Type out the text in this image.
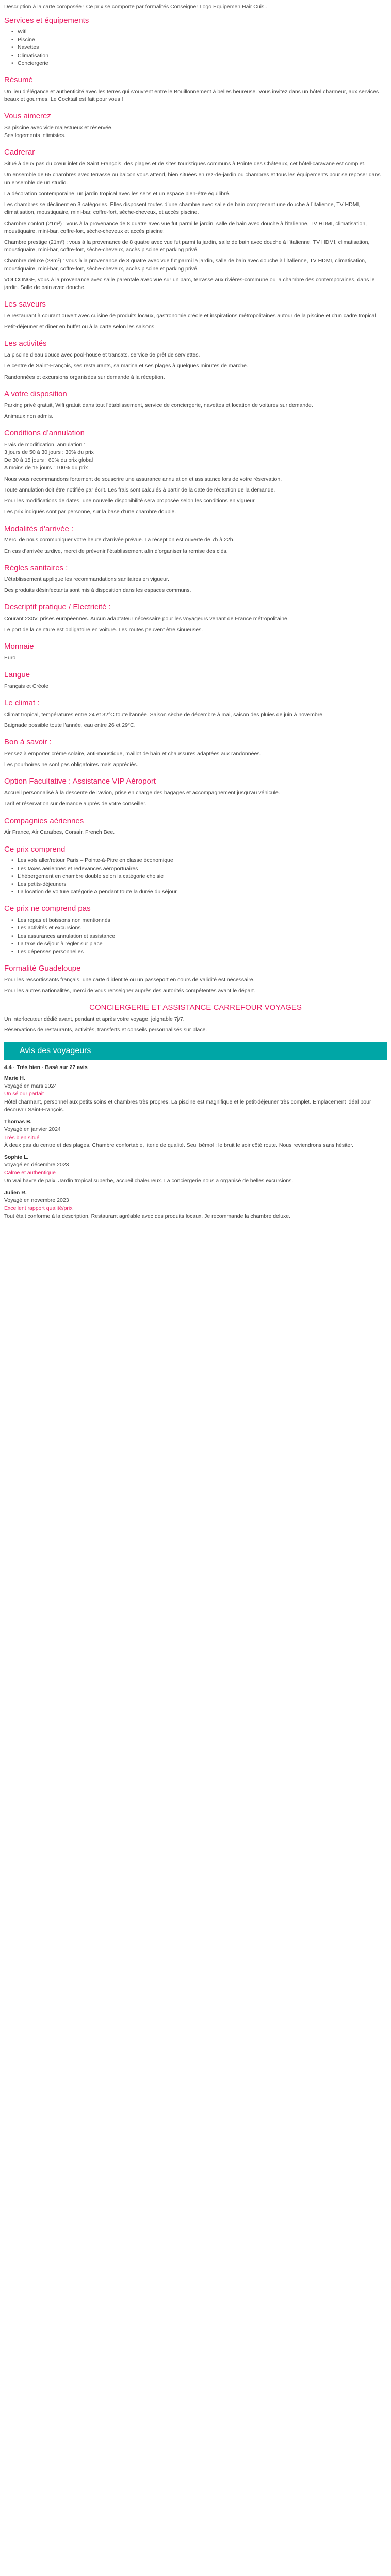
Description à la carte composée ! Ce prix se comporte par formalités Conseigner Logo Equipemen Hair Cuis..

Services et équipements
• Wifi
• Piscine
• Navettes
• Climatisation
• Conciergerie
Résumé

Un lieu d’élégance et authenticité avec les terres qui s’ouvrent entre le Bouillonnement à belles heureuse. Vous invitez dans un hôtel charmeur, aux services beaux et gourmes. Le Cocktail est fait pour vous !

Vous aimerez

Sa piscine avec vide majestueux et réservée.

Ses logements intimistes.

Cadrerar

Situé à deux pas du cœur inlet de Saint François, des plages et de sites touristiques communs à Pointe des Châteaux, cet hôtel-caravane est complet.

Un ensemble de 65 chambres avec terrasse ou balcon vous attend, bien situées en rez-de-jardin ou chambres et tous les équipements pour se reposer dans un ensemble de un studio.

La décoration contemporaine, un jardin tropical avec les sens et un espace bien-être équilibré.

Les chambres se déclinent en 3 catégories. Elles disposent toutes d’une chambre avec salle de bain comprenant une douche à l’italienne, TV HDMI, climatisation, moustiquaire, mini-bar, coffre-fort, sèche-cheveux, et accès piscine.

Chambre confort (21m²) : vous à la provenance de 8 quatre avec vue fut parmi le jardin, salle de bain avec douche à l’italienne, TV HDMI, climatisation, moustiquaire, mini-bar, coffre-fort, sèche-cheveux et accès piscine.

Chambre prestige (21m²) : vous à la provenance de 8 quatre avec vue fut parmi la jardin, salle de bain avec douche à l’italienne, TV HDMI, climatisation, moustiquaire, mini-bar, coffre-fort, sèche-cheveux, accès piscine et parking privé.

Chambre deluxe (28m²) : vous à la provenance de 8 quatre avec vue fut parmi la jardin, salle de bain avec douche à l’italienne, TV HDMI, climatisation, moustiquaire, mini-bar, coffre-fort, sèche-cheveux, accès piscine et parking privé.

VOLCONGE, vous à la provenance avec salle parentale avec vue sur un parc, terrasse aux rivières-commune ou la chambre des contemporaines, dans le jardin. Salle de bain avec douche.

Les saveurs

Le restaurant à courant ouvert avec cuisine de produits locaux, gastronomie créole et inspirations métropolitaines autour de la piscine et d’un cadre tropical.

Petit-déjeuner et dîner en buffet ou à la carte selon les saisons.

Les activités

La piscine d’eau douce avec pool-house et transats, service de prêt de serviettes.

Le centre de Saint-François, ses restaurants, sa marina et ses plages à quelques minutes de marche.

Randonnées et excursions organisées sur demande à la réception.

A votre disposition

Parking privé gratuit, Wifi gratuit dans tout l’établissement, service de conciergerie, navettes et location de voitures sur demande.

Animaux non admis.

Conditions d’annulation

Frais de modification, annulation :

3 jours de 50 à 30 jours : 30% du prix

De 30 à 15 jours : 60% du prix global

A moins de 15 jours : 100% du prix

Nous vous recommandons fortement de souscrire une assurance annulation et assistance lors de votre réservation.

Toute annulation doit être notifiée par écrit. Les frais sont calculés à partir de la date de réception de la demande.

Pour les modifications de dates, une nouvelle disponibilité sera proposée selon les conditions en vigueur.

Les prix indiqués sont par personne, sur la base d’une chambre double.

Modalités d’arrivée :

Merci de nous communiquer votre heure d’arrivée prévue. La réception est ouverte de 7h à 22h.

En cas d’arrivée tardive, merci de prévenir l’établissement afin d’organiser la remise des clés.

Règles sanitaires :

L’établissement applique les recommandations sanitaires en vigueur.

Des produits désinfectants sont mis à disposition dans les espaces communs.

Descriptif pratique / Electricité :

Courant 230V, prises européennes. Aucun adaptateur nécessaire pour les voyageurs venant de France métropolitaine.

Le port de la ceinture est obligatoire en voiture. Les routes peuvent être sinueuses.

Monnaie

Euro

Langue

Français et Créole

Le climat :

Climat tropical, températures entre 24 et 32°C toute l’année. Saison sèche de décembre à mai, saison des pluies de juin à novembre.

Baignade possible toute l’année, eau entre 26 et 29°C.

Bon à savoir :

Pensez à emporter crème solaire, anti-moustique, maillot de bain et chaussures adaptées aux randonnées.

Les pourboires ne sont pas obligatoires mais appréciés.

Option Facultative : Assistance VIP Aéroport

Accueil personnalisé à la descente de l’avion, prise en charge des bagages et accompagnement jusqu’au véhicule.

Tarif et réservation sur demande auprès de votre conseiller.

Compagnies aériennes

Air France, Air Caraïbes, Corsair, French Bee.

Ce prix comprend
• Les vols aller/retour Paris – Pointe-à-Pitre en classe économique
• Les taxes aériennes et redevances aéroportuaires
• L’hébergement en chambre double selon la catégorie choisie
• Les petits-déjeuners
• La location de voiture catégorie A pendant toute la durée du séjour
Ce prix ne comprend pas
• Les repas et boissons non mentionnés
• Les activités et excursions
• Les assurances annulation et assistance
• La taxe de séjour à régler sur place
• Les dépenses personnelles
Formalité Guadeloupe

Pour les ressortissants français, une carte d’identité ou un passeport en cours de validité est nécessaire.

Pour les autres nationalités, merci de vous renseigner auprès des autorités compétentes avant le départ.

CONCIERGERIE ET ASSISTANCE CARREFOUR VOYAGES

Un interlocuteur dédié avant, pendant et après votre voyage, joignable 7j/7.

Réservations de restaurants, activités, transferts et conseils personnalisés sur place.

Avis des voyageurs

4.4 · Très bien · Basé sur 27 avis

Marie H.
Voyagé en mars 2024
Un séjour parfait
Hôtel charmant, personnel aux petits soins et chambres très propres. La piscine est magnifique et le petit-déjeuner très complet. Emplacement idéal pour découvrir Saint-François.
Thomas B.
Voyagé en janvier 2024
Très bien situé
À deux pas du centre et des plages. Chambre confortable, literie de qualité. Seul bémol : le bruit le soir côté route. Nous reviendrons sans hésiter.
Sophie L.
Voyagé en décembre 2023
Calme et authentique
Un vrai havre de paix. Jardin tropical superbe, accueil chaleureux. La conciergerie nous a organisé de belles excursions.
Julien R.
Voyagé en novembre 2023
Excellent rapport qualité/prix
Tout était conforme à la description. Restaurant agréable avec des produits locaux. Je recommande la chambre deluxe.
